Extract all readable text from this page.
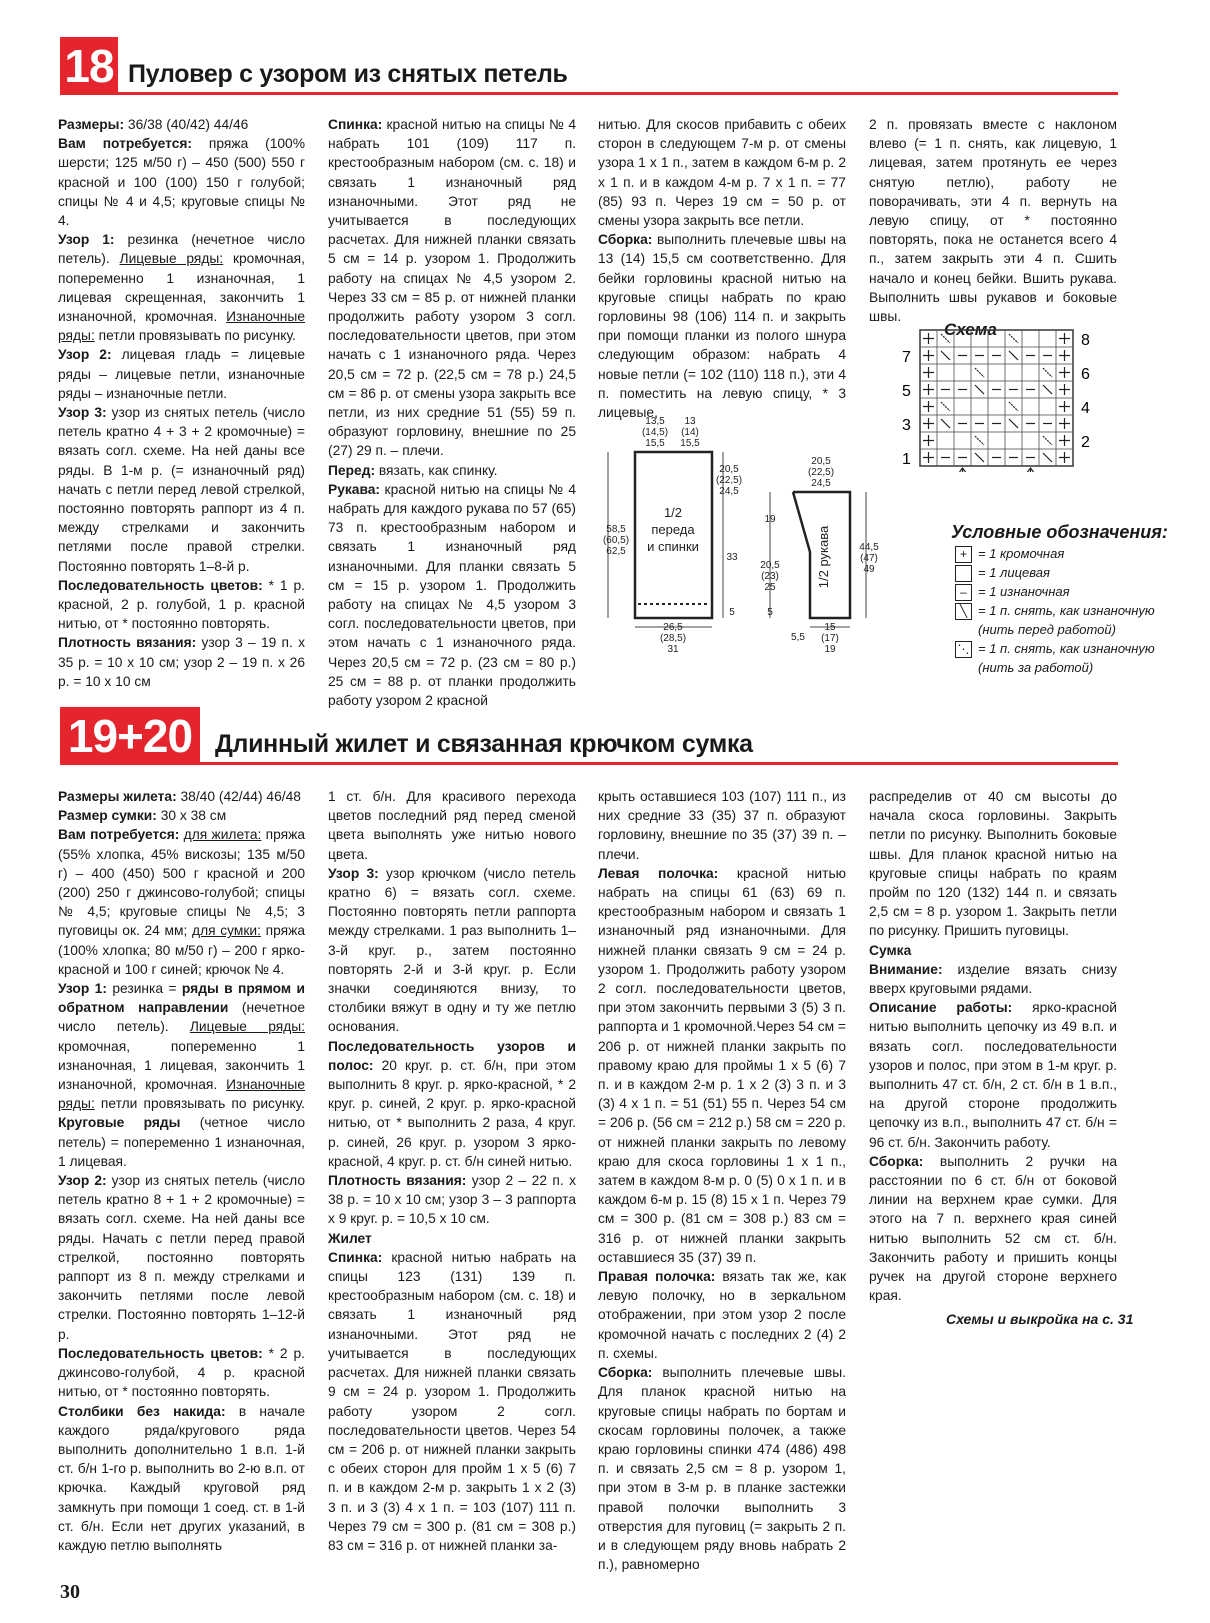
18 Пуловер с узором из снятых петель

Размеры: 36/38 (40/42) 44/46

Вам потребуется: пряжа (100% шерсти; 125 м/50 г) – 450 (500) 550 г красной и 100 (100) 150 г голубой; спицы № 4 и 4,5; круговые спицы № 4.

Узор 1: резинка (нечетное число петель). Лицевые ряды: кромочная, попеременно 1 изнаночная, 1 лицевая скрещенная, закончить 1 изнаночной, кромочная. Изнаночные ряды: петли провязывать по рисунку.

Узор 2: лицевая гладь = лицевые ряды – лицевые петли, изнаночные ряды – изнаночные петли.

Узор 3: узор из снятых петель (число петель кратно 4 + 3 + 2 кромочные) = вязать согл. схеме. На ней даны все ряды. В 1-м р. (= изнаночный ряд) начать с петли перед левой стрелкой, постоянно повторять раппорт из 4 п. между стрелками и закончить петлями после правой стрелки. Постоянно повторять 1–8-й р.

Последовательность цветов: * 1 р. красной, 2 р. голубой, 1 р. красной нитью, от * постоянно повторять.

Плотность вязания: узор 3 – 19 п. х 35 р. = 10 х 10 см; узор 2 – 19 п. х 26 р. = 10 х 10 см

Спинка: красной нитью на спицы № 4 набрать 101 (109) 117 п. крестообразным набором (см. с. 18) и связать 1 изнаночный ряд изнаночными. Этот ряд не учитывается в последующих расчетах. Для нижней планки связать 5 см = 14 р. узором 1. Продолжить работу на спицах № 4,5 узором 2. Через 33 см = 85 р. от нижней планки продолжить работу узором 3 согл. последовательности цветов, при этом начать с 1 изнаночного ряда. Через 20,5 см = 72 р. (22,5 см = 78 р.) 24,5 см = 86 р. от смены узора закрыть все петли, из них средние 51 (55) 59 п. образуют горловину, внешние по 25 (27) 29 п. – плечи.

Перед: вязать, как спинку.

Рукава: красной нитью на спицы № 4 набрать для каждого рукава по 57 (65) 73 п. крестообразным набором и связать 1 изнаночный ряд изнаночными. Для планки связать 5 см = 15 р. узором 1. Продолжить работу на спицах № 4,5 узором 3 согл. последовательности цветов, при этом начать с 1 изнаночного ряда. Через 20,5 см = 72 р. (23 см = 80 р.) 25 см = 88 р. от планки продолжить работу узором 2 красной

нитью. Для скосов прибавить с обеих сторон в следующем 7-м р. от смены узора 1 х 1 п., затем в каждом 6-м р. 2 х 1 п. и в каждом 4-м р. 7 х 1 п. = 77 (85) 93 п. Через 19 см = 50 р. от смены узора закрыть все петли.

Сборка: выполнить плечевые швы на 13 (14) 15,5 см соответственно. Для бейки горловины красной нитью на круговые спицы набрать по краю горловины 98 (106) 114 п. и закрыть при помощи планки из полого шнура следующим образом: набрать 4 новые петли (= 102 (110) 118 п.), эти 4 п. поместить на левую спицу, * 3 лицевые,

2 п. провязать вместе с наклоном влево (= 1 п. снять, как лицевую, 1 лицевая, затем протянуть ее через снятую петлю), работу не поворачивать, эти 4 п. вернуть на левую спицу, от * постоянно повторять, пока не останется всего 4 п., затем закрыть эти 4 п. Сшить начало и конец бейки. Вшить рукава. Выполнить швы рукавов и боковые швы.

Схема
8
6
4
2
7
5
3
1
Условные обозначения:
+ = 1 кромочная
= 1 лицевая
– = 1 изнаночная
╲ = 1 п. снять, как изнаночную
(нить перед работой)
⋱ = 1 п. снять, как изнаночную
(нить за работой)
1/2
переда
и спинки	1/2 рукава
13,5
(14,5)
15,5
13
(14)
15,5
20,5
(22,5)
24,5
58,5
(60,5)
62,5
33
5
26,5
(28,5)
31
20,5
(22,5)
24,5
19
20,5
(23)
25
5
44,5
(47)
49
15
(17)
19
5,5
19+20 Длинный жилет и связанная крючком сумка

Размеры жилета: 38/40 (42/44) 46/48

Размер сумки: 30 х 38 см

Вам потребуется: для жилета: пряжа (55% хлопка, 45% вискозы; 135 м/50 г) – 400 (450) 500 г красной и 200 (200) 250 г джинсово-голубой; спицы № 4,5; круговые спицы № 4,5; 3 пуговицы ок. 24 мм; для сумки: пряжа (100% хлопка; 80 м/50 г) – 200 г ярко-красной и 100 г синей; крючок № 4.

Узор 1: резинка = ряды в прямом и обратном направлении (нечетное число петель). Лицевые ряды: кромочная, попеременно 1 изнаночная, 1 лицевая, закончить 1 изнаночной, кромочная. Изнаночные ряды: петли провязывать по рисунку. Круговые ряды (четное число петель) = попеременно 1 изнаночная, 1 лицевая.

Узор 2: узор из снятых петель (число петель кратно 8 + 1 + 2 кромочные) = вязать согл. схеме. На ней даны все ряды. Начать с петли перед правой стрелкой, постоянно повторять раппорт из 8 п. между стрелками и закончить петлями после левой стрелки. Постоянно повторять 1–12-й р.

Последовательность цветов: * 2 р. джинсово-голубой, 4 р. красной нитью, от * постоянно повторять.

Столбики без накида: в начале каждого ряда/кругового ряда выполнить дополнительно 1 в.п. 1-й ст. б/н 1-го р. выполнить во 2-ю в.п. от крючка. Каждый круговой ряд замкнуть при помощи 1 соед. ст. в 1-й ст. б/н. Если нет других указаний, в каждую петлю выполнять

1 ст. б/н. Для красивого перехода цветов последний ряд перед сменой цвета выполнять уже нитью нового цвета.

Узор 3: узор крючком (число петель кратно 6) = вязать согл. схеме. Постоянно повторять петли раппорта между стрелками. 1 раз выполнить 1–3-й круг. р., затем постоянно повторять 2-й и 3-й круг. р. Если значки соединяются внизу, то столбики вяжут в одну и ту же петлю основания.

Последовательность узоров и полос: 20 круг. р. ст. б/н, при этом выполнить 8 круг. р. ярко-красной, * 2 круг. р. синей, 2 круг. р. ярко-красной нитью, от * выполнить 2 раза, 4 круг. р. синей, 26 круг. р. узором 3 ярко-красной, 4 круг. р. ст. б/н синей нитью.

Плотность вязания: узор 2 – 22 п. х 38 р. = 10 х 10 см; узор 3 – 3 раппорта х 9 круг. р. = 10,5 х 10 см.

Жилет

Спинка: красной нитью набрать на спицы 123 (131) 139 п. крестообразным набором (см. с. 18) и связать 1 изнаночный ряд изнаночными. Этот ряд не учитывается в последующих расчетах. Для нижней планки связать 9 см = 24 р. узором 1. Продолжить работу узором 2 согл. последовательности цветов. Через 54 см = 206 р. от нижней планки закрыть с обеих сторон для пройм 1 х 5 (6) 7 п. и в каждом 2-м р. закрыть 1 х 2 (3) 3 п. и 3 (3) 4 х 1 п. = 103 (107) 111 п. Через 79 см = 300 р. (81 см = 308 р.) 83 см = 316 р. от нижней планки за-

крыть оставшиеся 103 (107) 111 п., из них средние 33 (35) 37 п. образуют горловину, внешние по 35 (37) 39 п. – плечи.

Левая полочка: красной нитью набрать на спицы 61 (63) 69 п. крестообразным набором и связать 1 изнаночный ряд изнаночными. Для нижней планки связать 9 см = 24 р. узором 1. Продолжить работу узором 2 согл. последовательности цветов, при этом закончить первыми 3 (5) 3 п. раппорта и 1 кромочной.Через 54 см = 206 р. от нижней планки закрыть по правому краю для проймы 1 х 5 (6) 7 п. и в каждом 2-м р. 1 х 2 (3) 3 п. и 3 (3) 4 х 1 п. = 51 (51) 55 п. Через 54 см = 206 р. (56 см = 212 р.) 58 см = 220 р. от нижней планки закрыть по левому краю для скоса горловины 1 х 1 п., затем в каждом 8-м р. 0 (5) 0 х 1 п. и в каждом 6-м р. 15 (8) 15 х 1 п. Через 79 см = 300 р. (81 см = 308 р.) 83 см = 316 р. от нижней планки закрыть оставшиеся 35 (37) 39 п.

Правая полочка: вязать так же, как левую полочку, но в зеркальном отображении, при этом узор 2 после кромочной начать с последних 2 (4) 2 п. схемы.

Сборка: выполнить плечевые швы. Для планок красной нитью на круговые спицы набрать по бортам и скосам горловины полочек, а также краю горловины спинки 474 (486) 498 п. и связать 2,5 см = 8 р. узором 1, при этом в 3-м р. в планке застежки правой полочки выполнить 3 отверстия для пуговиц (= закрыть 2 п. и в следующем ряду вновь набрать 2 п.), равномерно

распределив от 40 см высоты до начала скоса горловины. Закрыть петли по рисунку. Выполнить боковые швы. Для планок красной нитью на круговые спицы набрать по краям пройм по 120 (132) 144 п. и связать 2,5 см = 8 р. узором 1. Закрыть петли по рисунку. Пришить пуговицы.

Сумка

Внимание: изделие вязать снизу вверх круговыми рядами.

Описание работы: ярко-красной нитью выполнить цепочку из 49 в.п. и вязать согл. последовательности узоров и полос, при этом в 1-м круг. р. выполнить 47 ст. б/н, 2 ст. б/н в 1 в.п., на другой стороне продолжить цепочку из в.п., выполнить 47 ст. б/н = 96 ст. б/н. Закончить работу.

Сборка: выполнить 2 ручки на расстоянии по 6 ст. б/н от боковой линии на верхнем крае сумки. Для этого на 7 п. верхнего края синей нитью выполнить 52 см ст. б/н. Закончить работу и пришить концы ручек на другой стороне верхнего края.

Схемы и выкройка на с. 31
30
